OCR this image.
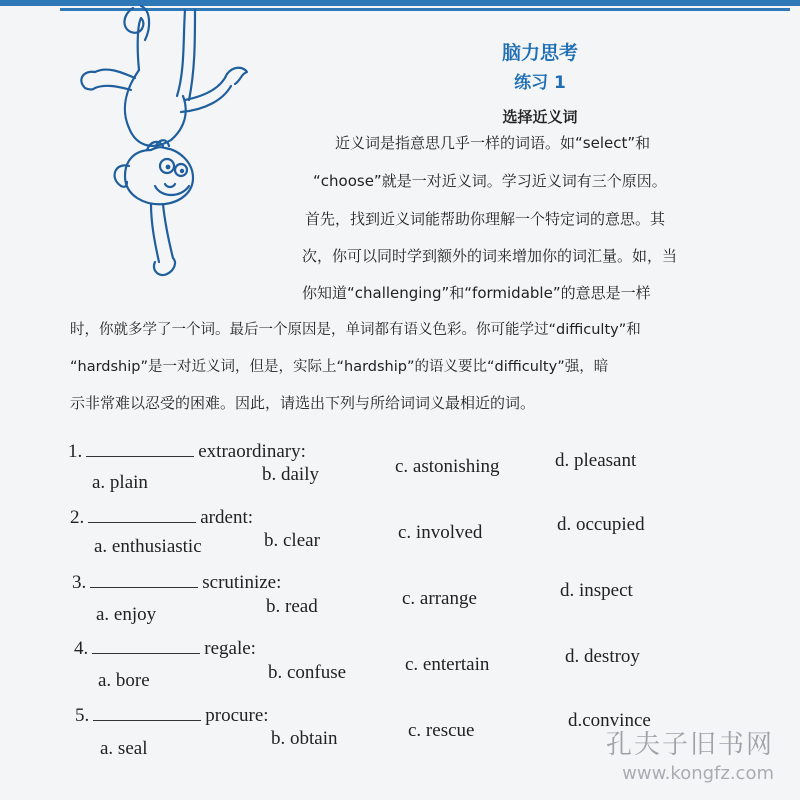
脑力思考
练习 1
选择近义词
近义词是指意思几乎一样的词语。如“select”和
“choose”就是一对近义词。学习近义词有三个原因。
首先，找到近义词能帮助你理解一个特定词的意思。其
次，你可以同时学到额外的词来增加你的词汇量。如，当
你知道“challenging”和“formidable”的意思是一样
时，你就多学了一个词。最后一个原因是，单词都有语义色彩。你可能学过“difficulty”和
“hardship”是一对近义词，但是，实际上“hardship”的语义要比“difficulty”强，暗
示非常难以忍受的困难。因此，请选出下列与所给词词义最相近的词。
1.	extraordinary:
a. plain	b. daily	c. astonishing	d. pleasant
2.	ardent:
a. enthusiastic	b. clear	c. involved	d. occupied
3.	scrutinize:
a. enjoy	b. read	c. arrange	d. inspect
4.	regale:
a. bore	b. confuse	c. entertain	d. destroy
5.	procure:
a. seal	b. obtain	c. rescue	d.convince
孔夫子旧书网
www.kongfz.com
